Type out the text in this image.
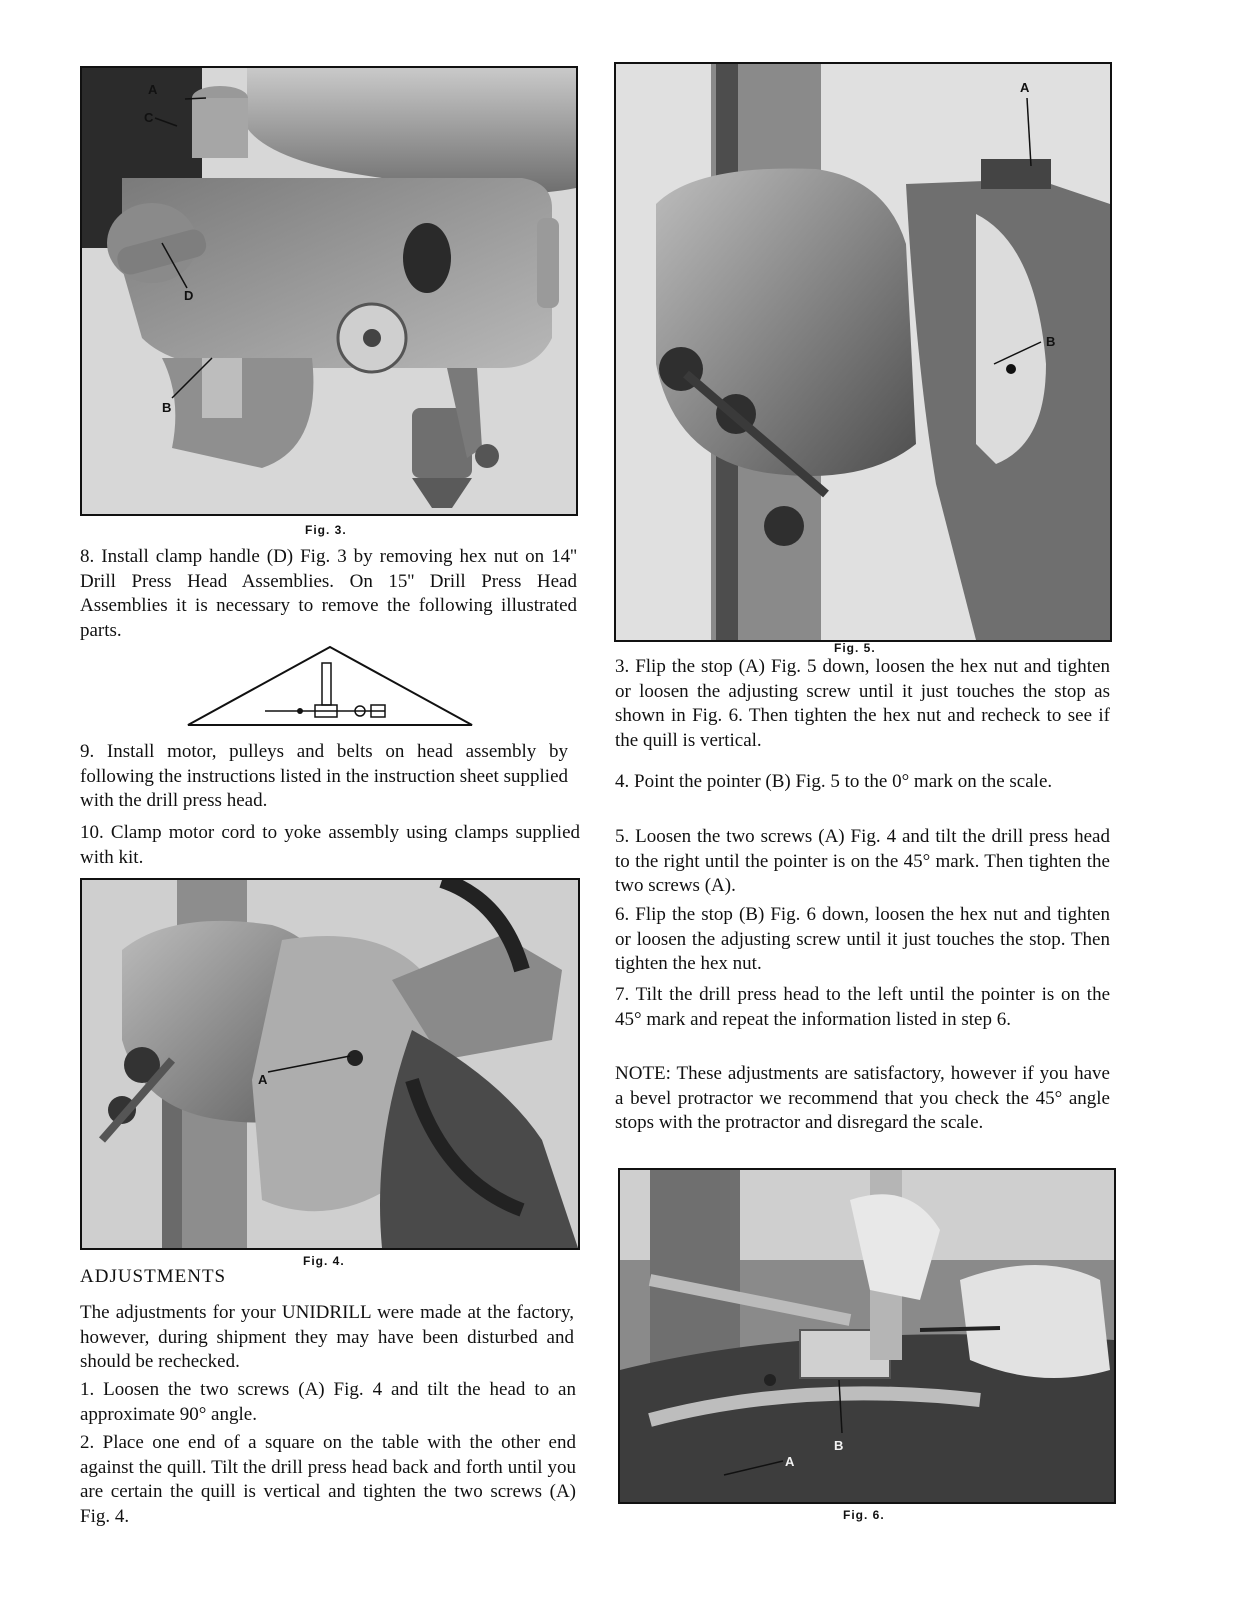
A
C
D
B
Fig. 3.

8. Install clamp handle (D) Fig. 3 by removing hex nut on 14'' Drill Press Head Assemblies. On 15'' Drill Press Head Assemblies it is necessary to remove the following illustrated parts.

9. Install motor, pulleys and belts on head assembly by following the instructions listed in the instruction sheet supplied with the drill press head.

10. Clamp motor cord to yoke assembly using clamps supplied with kit.

A
Fig. 4.

ADJUSTMENTS

The adjustments for your UNIDRILL were made at the factory, however, during shipment they may have been disturbed and should be rechecked.

1. Loosen the two screws (A) Fig. 4 and tilt the head to an approximate 90° angle.

2. Place one end of a square on the table with the other end against the quill. Tilt the drill press head back and forth until you are certain the quill is vertical and tighten the two screws (A) Fig. 4.

A
B
Fig. 5.

3. Flip the stop (A) Fig. 5 down, loosen the hex nut and tighten or loosen the adjusting screw until it just touches the stop as shown in Fig. 6. Then tighten the hex nut and recheck to see if the quill is vertical.

4. Point the pointer (B) Fig. 5 to the 0° mark on the scale.

5. Loosen the two screws (A) Fig. 4 and tilt the drill press head to the right until the pointer is on the 45° mark. Then tighten the two screws (A).

6. Flip the stop (B) Fig. 6 down, loosen the hex nut and tighten or loosen the adjusting screw until it just touches the stop. Then tighten the hex nut.

7. Tilt the drill press head to the left until the pointer is on the 45° mark and repeat the information listed in step 6.

NOTE: These adjustments are satisfactory, however if you have a bevel protractor we recommend that you check the 45° angle stops with the protractor and disregard the scale.

B
A
Fig. 6.
